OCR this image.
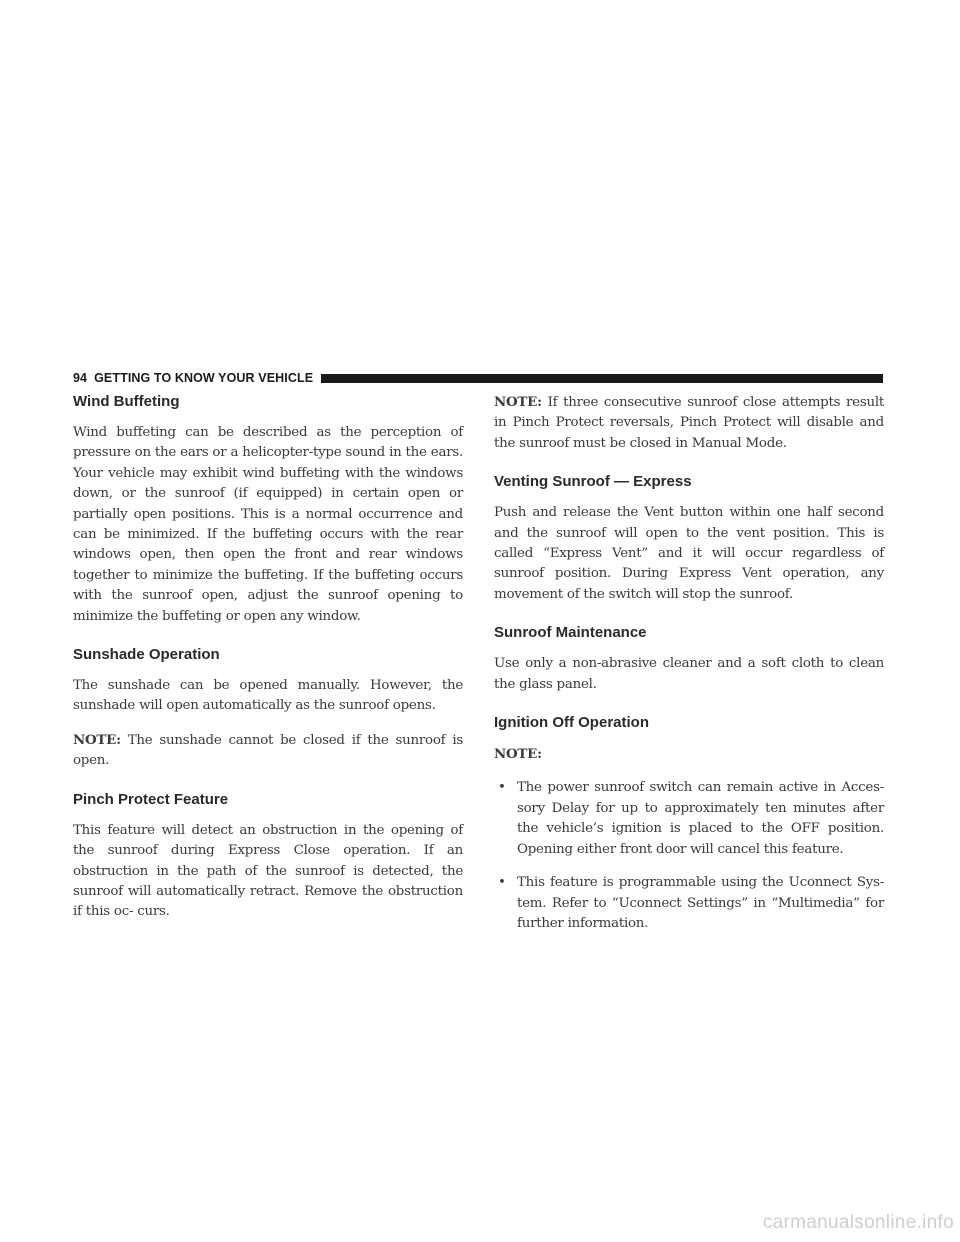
94 GETTING TO KNOW YOUR VEHICLE
Wind Buffeting

Wind buffeting can be described as the perception of pressure on the ears or a helicopter-type sound in the ears. Your vehicle may exhibit wind buffeting with the windows down, or the sunroof (if equipped) in certain open or partially open positions. This is a normal occurrence and can be minimized. If the buffeting occurs with the rear windows open, then open the front and rear windows together to minimize the buffeting. If the buffeting occurs with the sunroof open, adjust the sunroof opening to minimize the buffeting or open any window.

Sunshade Operation

The sunshade can be opened manually. However, the sunshade will open automatically as the sunroof opens.

NOTE: The sunshade cannot be closed if the sunroof is open.

Pinch Protect Feature

This feature will detect an obstruction in the opening of the sunroof during Express Close operation. If an obstruction in the path of the sunroof is detected, the sunroof will automatically retract. Remove the obstruction if this oc- curs.

NOTE: If three consecutive sunroof close attempts result in Pinch Protect reversals, Pinch Protect will disable and the sunroof must be closed in Manual Mode.

Venting Sunroof — Express

Push and release the Vent button within one half second and the sunroof will open to the vent position. This is called “Express Vent” and it will occur regardless of sunroof position. During Express Vent operation, any movement of the switch will stop the sunroof.

Sunroof Maintenance

Use only a non-abrasive cleaner and a soft cloth to clean the glass panel.

Ignition Off Operation

NOTE:

• The power sunroof switch can remain active in Acces- sory Delay for up to approximately ten minutes after the vehicle’s ignition is placed to the OFF position. Opening either front door will cancel this feature.
• This feature is programmable using the Uconnect Sys- tem. Refer to “Uconnect Settings” in “Multimedia” for further information.
carmanualsonline.info
